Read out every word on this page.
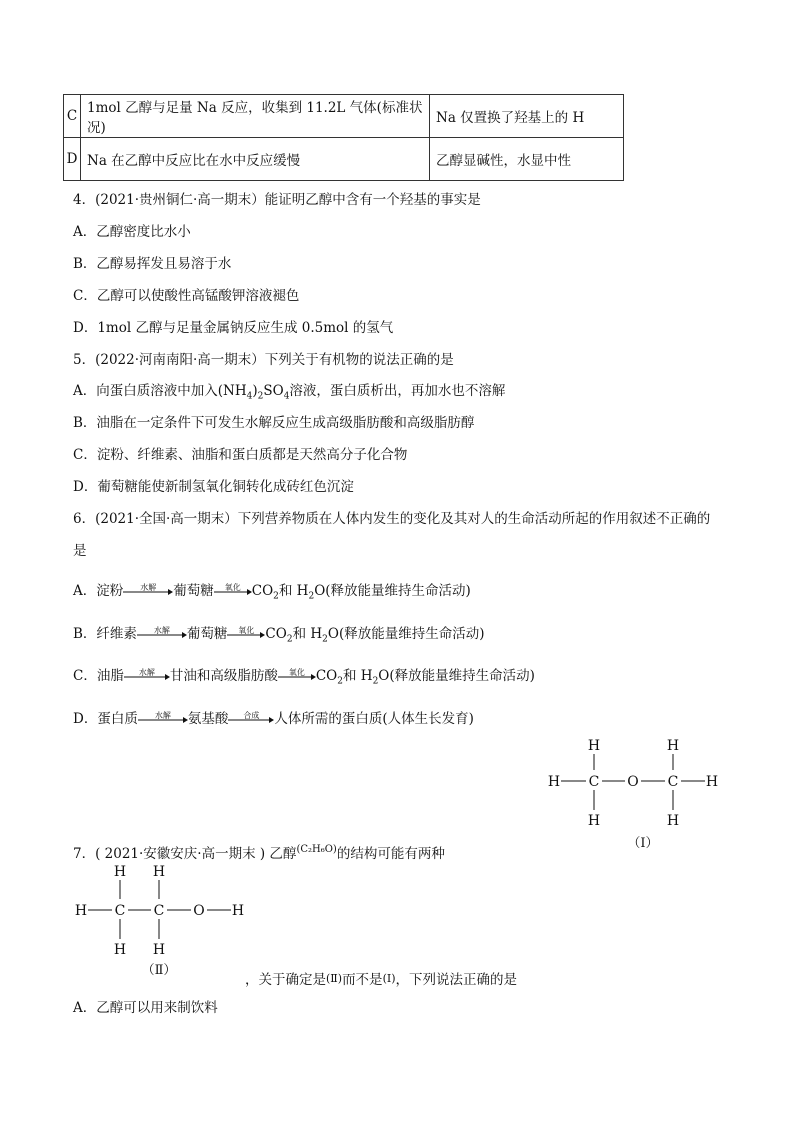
C	1mol 乙醇与足量 Na 反应，收集到 11.2L 气体(标准状况)	Na 仅置换了羟基上的 H
D	Na 在乙醇中反应比在水中反应缓慢	乙醇显碱性，水显中性
4．(2021·贵州铜仁·高一期末）能证明乙醇中含有一个羟基的事实是
A．乙醇密度比水小
B．乙醇易挥发且易溶于水
C．乙醇可以使酸性高锰酸钾溶液褪色
D．1mol 乙醇与足量金属钠反应生成 0.5mol 的氢气
5．(2022·河南南阳·高一期末）下列关于有机物的说法正确的是
A．向蛋白质溶液中加入$(NH_4)_2SO_4$溶液，蛋白质析出，再加水也不溶解
B．油脂在一定条件下可发生水解反应生成高级脂肪酸和高级脂肪醇
C．淀粉、纤维素、油脂和蛋白质都是天然高分子化合物
D．葡萄糖能使新制氢氧化铜转化成砖红色沉淀
6．(2021·全国·高一期末）下列营养物质在人体内发生的变化及其对人的生命活动所起的作用叙述不正确的
是
A．淀粉	水解	葡萄糖	氧化 $CO_2$和 $H_2O$(释放能量维持生命活动)
B．纤维素	水解	葡萄糖	氧化 $CO_2$和 $H_2O$(释放能量维持生命活动)
C．油脂	水解	甘油和高级脂肪酸	氧化 $CO_2$和 $H_2O$(释放能量维持生命活动)
D．蛋白质	水解	氨基酸	合成	人体所需的蛋白质(人体生长发育)
H	H
H C O C H
H	H
（Ⅰ）
7．( 2021·安徽安庆·高一期末 ) 乙醇$^{(C_2H_6O)}$的结构可能有两种
H H
H C C O H
H H
（Ⅱ）
，关于确定是(Ⅱ)而不是(Ⅰ)，下列说法正确的是
A．乙醇可以用来制饮料
